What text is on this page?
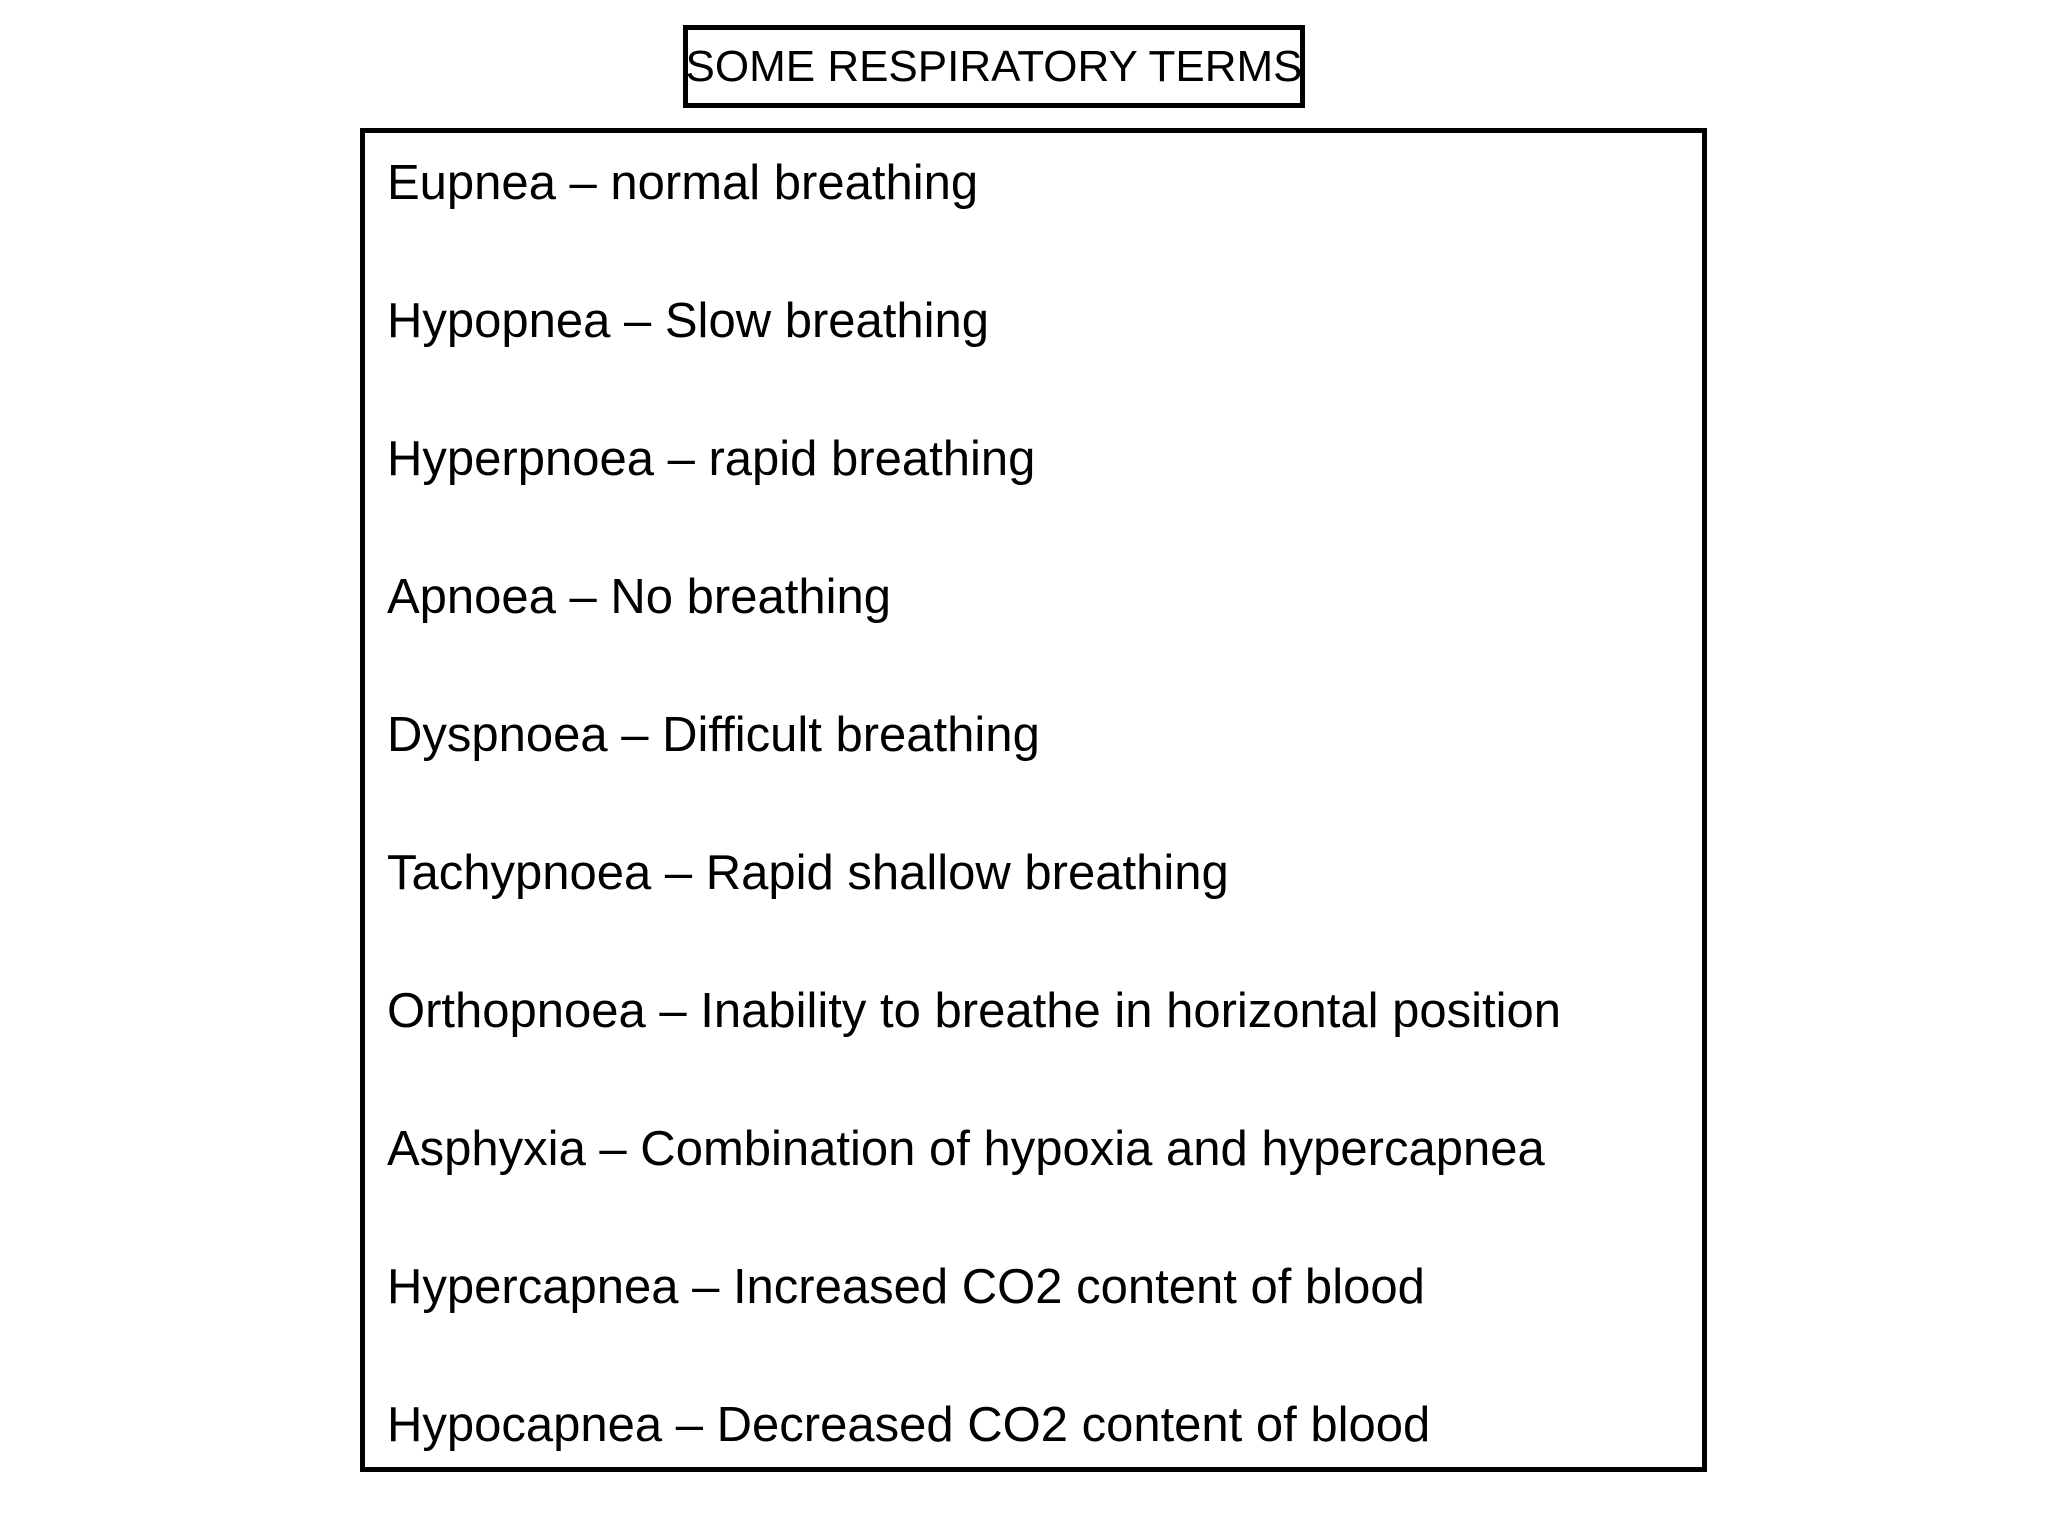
SOME RESPIRATORY TERMS
Eupnea – normal breathing
Hypopnea – Slow breathing
Hyperpnoea – rapid breathing
Apnoea – No breathing
Dyspnoea – Difficult breathing
Tachypnoea – Rapid shallow breathing
Orthopnoea – Inability to breathe in horizontal position
Asphyxia – Combination of hypoxia and hypercapnea
Hypercapnea – Increased CO2 content of blood
Hypocapnea – Decreased CO2 content of blood
